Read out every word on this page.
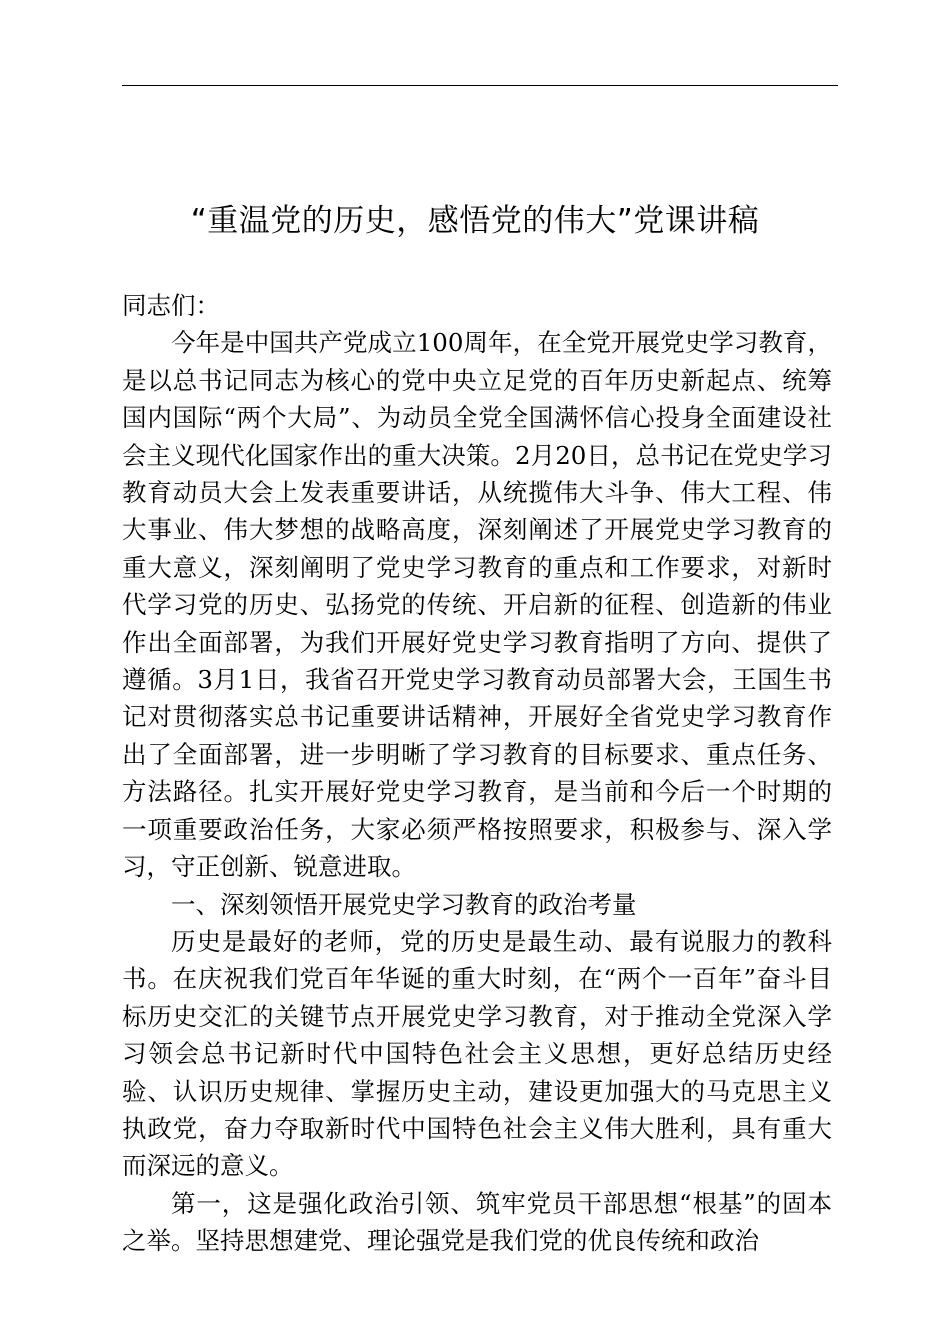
“重温党的历史，感悟党的伟大”党课讲稿

同志们：

今年是中国共产党成立100周年，在全党开展党史学习教育，是以总书记同志为核心的党中央立足党的百年历史新起点、统筹国内国际“两个大局”、为动员全党全国满怀信心投身全面建设社会主义现代化国家作出的重大决策。2月20日，总书记在党史学习教育动员大会上发表重要讲话，从统揽伟大斗争、伟大工程、伟大事业、伟大梦想的战略高度，深刻阐述了开展党史学习教育的重大意义，深刻阐明了党史学习教育的重点和工作要求，对新时代学习党的历史、弘扬党的传统、开启新的征程、创造新的伟业作出全面部署，为我们开展好党史学习教育指明了方向、提供了遵循。3月1日，我省召开党史学习教育动员部署大会，王国生书记对贯彻落实总书记重要讲话精神，开展好全省党史学习教育作出了全面部署，进一步明晰了学习教育的目标要求、重点任务、方法路径。扎实开展好党史学习教育，是当前和今后一个时期的一项重要政治任务，大家必须严格按照要求，积极参与、深入学习，守正创新、锐意进取。

一、深刻领悟开展党史学习教育的政治考量

历史是最好的老师，党的历史是最生动、最有说服力的教科书。在庆祝我们党百年华诞的重大时刻，在“两个一百年”奋斗目标历史交汇的关键节点开展党史学习教育，对于推动全党深入学习领会总书记新时代中国特色社会主义思想，更好总结历史经验、认识历史规律、掌握历史主动，建设更加强大的马克思主义执政党，奋力夺取新时代中国特色社会主义伟大胜利，具有重大而深远的意义。

第一，这是强化政治引领、筑牢党员干部思想“根基”的固本之举。坚持思想建党、理论强党是我们党的优良传统和政治
